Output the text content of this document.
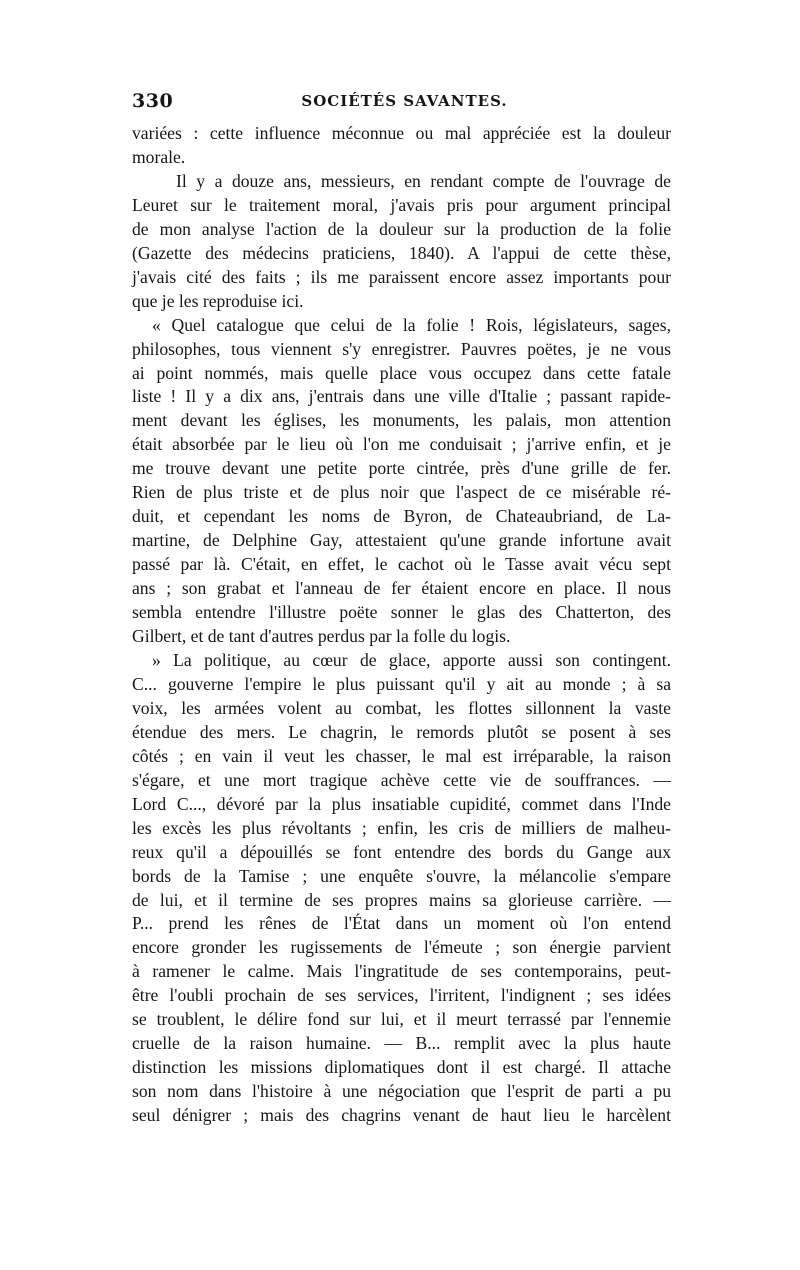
330	SOCIÉTÉS SAVANTES.
variées : cette influence méconnue ou mal appréciée est la douleur
morale.
Il y a douze ans, messieurs, en rendant compte de l'ouvrage de
Leuret sur le traitement moral, j'avais pris pour argument principal
de mon analyse l'action de la douleur sur la production de la folie
(Gazette des médecins praticiens, 1840). A l'appui de cette thèse,
j'avais cité des faits ; ils me paraissent encore assez importants pour
que je les reproduise ici.
« Quel catalogue que celui de la folie ! Rois, législateurs, sages,
philosophes, tous viennent s'y enregistrer. Pauvres poëtes, je ne vous
ai point nommés, mais quelle place vous occupez dans cette fatale
liste ! Il y a dix ans, j'entrais dans une ville d'Italie ; passant rapide-
ment devant les églises, les monuments, les palais, mon attention
était absorbée par le lieu où l'on me conduisait ; j'arrive enfin, et je
me trouve devant une petite porte cintrée, près d'une grille de fer.
Rien de plus triste et de plus noir que l'aspect de ce misérable ré-
duit, et cependant les noms de Byron, de Chateaubriand, de La-
martine, de Delphine Gay, attestaient qu'une grande infortune avait
passé par là. C'était, en effet, le cachot où le Tasse avait vécu sept
ans ; son grabat et l'anneau de fer étaient encore en place. Il nous
sembla entendre l'illustre poëte sonner le glas des Chatterton, des
Gilbert, et de tant d'autres perdus par la folle du logis.
» La politique, au cœur de glace, apporte aussi son contingent.
C... gouverne l'empire le plus puissant qu'il y ait au monde ; à sa
voix, les armées volent au combat, les flottes sillonnent la vaste
étendue des mers. Le chagrin, le remords plutôt se posent à ses
côtés ; en vain il veut les chasser, le mal est irréparable, la raison
s'égare, et une mort tragique achève cette vie de souffrances. —
Lord C..., dévoré par la plus insatiable cupidité, commet dans l'Inde
les excès les plus révoltants ; enfin, les cris de milliers de malheu-
reux qu'il a dépouillés se font entendre des bords du Gange aux
bords de la Tamise ; une enquête s'ouvre, la mélancolie s'empare
de lui, et il termine de ses propres mains sa glorieuse carrière. —
P... prend les rênes de l'État dans un moment où l'on entend
encore gronder les rugissements de l'émeute ; son énergie parvient
à ramener le calme. Mais l'ingratitude de ses contemporains, peut-
être l'oubli prochain de ses services, l'irritent, l'indignent ; ses idées
se troublent, le délire fond sur lui, et il meurt terrassé par l'ennemie
cruelle de la raison humaine. — B... remplit avec la plus haute
distinction les missions diplomatiques dont il est chargé. Il attache
son nom dans l'histoire à une négociation que l'esprit de parti a pu
seul dénigrer ; mais des chagrins venant de haut lieu le harcèlent
